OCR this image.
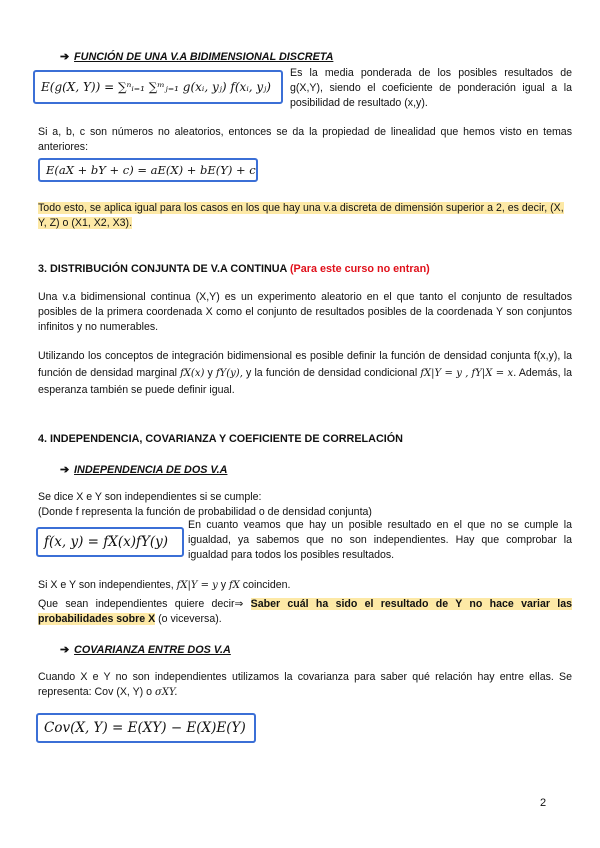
➔ FUNCIÓN DE UNA V.A BIDIMENSIONAL DISCRETA
E(g(X, Y)) = ∑ⁿᵢ₌₁ ∑ᵐⱼ₌₁ g(xᵢ, yⱼ) f(xᵢ, yⱼ)
Es la media ponderada de los posibles resultados de g(X,Y), siendo el coeficiente de ponderación igual a la posibilidad de resultado (x,y).
Si a, b, c son números no aleatorios, entonces se da la propiedad de linealidad que hemos visto en temas anteriores:
E(aX + bY + c) = aE(X) + bE(Y) + c
Todo esto, se aplica igual para los casos en los que hay una v.a discreta de dimensión superior a 2, es decir, (X, Y, Z) o (X1, X2, X3).
3. DISTRIBUCIÓN CONJUNTA DE V.A CONTINUA (Para este curso no entran)
Una v.a bidimensional continua (X,Y) es un experimento aleatorio en el que tanto el conjunto de resultados posibles de la primera coordenada X como el conjunto de resultados posibles de la coordenada Y son conjuntos infinitos y no numerables.
Utilizando los conceptos de integración bidimensional es posible definir la función de densidad conjunta f(x,y), la función de densidad marginal fX(x) y fY(y), y la función de densidad condicional fX|Y = y , fY|X = x. Además, la esperanza también se puede definir igual.
4. INDEPENDENCIA, COVARIANZA Y COEFICIENTE DE CORRELACIÓN
➔ INDEPENDENCIA DE DOS V.A
Se dice X e Y son independientes si se cumple:
(Donde f representa la función de probabilidad o de densidad conjunta)
f(x, y) = fX(x)fY(y)
En cuanto veamos que hay un posible resultado en el que no se cumple la igualdad, ya sabemos que no son independientes. Hay que comprobar la igualdad para todos los posibles resultados.
Si X e Y son independientes, fX|Y = y y fX coinciden.
Que sean independientes quiere decir⇒ Saber cuál ha sido el resultado de Y no hace variar las probabilidades sobre X (o viceversa).
➔ COVARIANZA ENTRE DOS V.A
Cuando X e Y no son independientes utilizamos la covarianza para saber qué relación hay entre ellas. Se representa: Cov (X, Y) o σXY.
Cov(X, Y) = E(XY) − E(X)E(Y)
2
